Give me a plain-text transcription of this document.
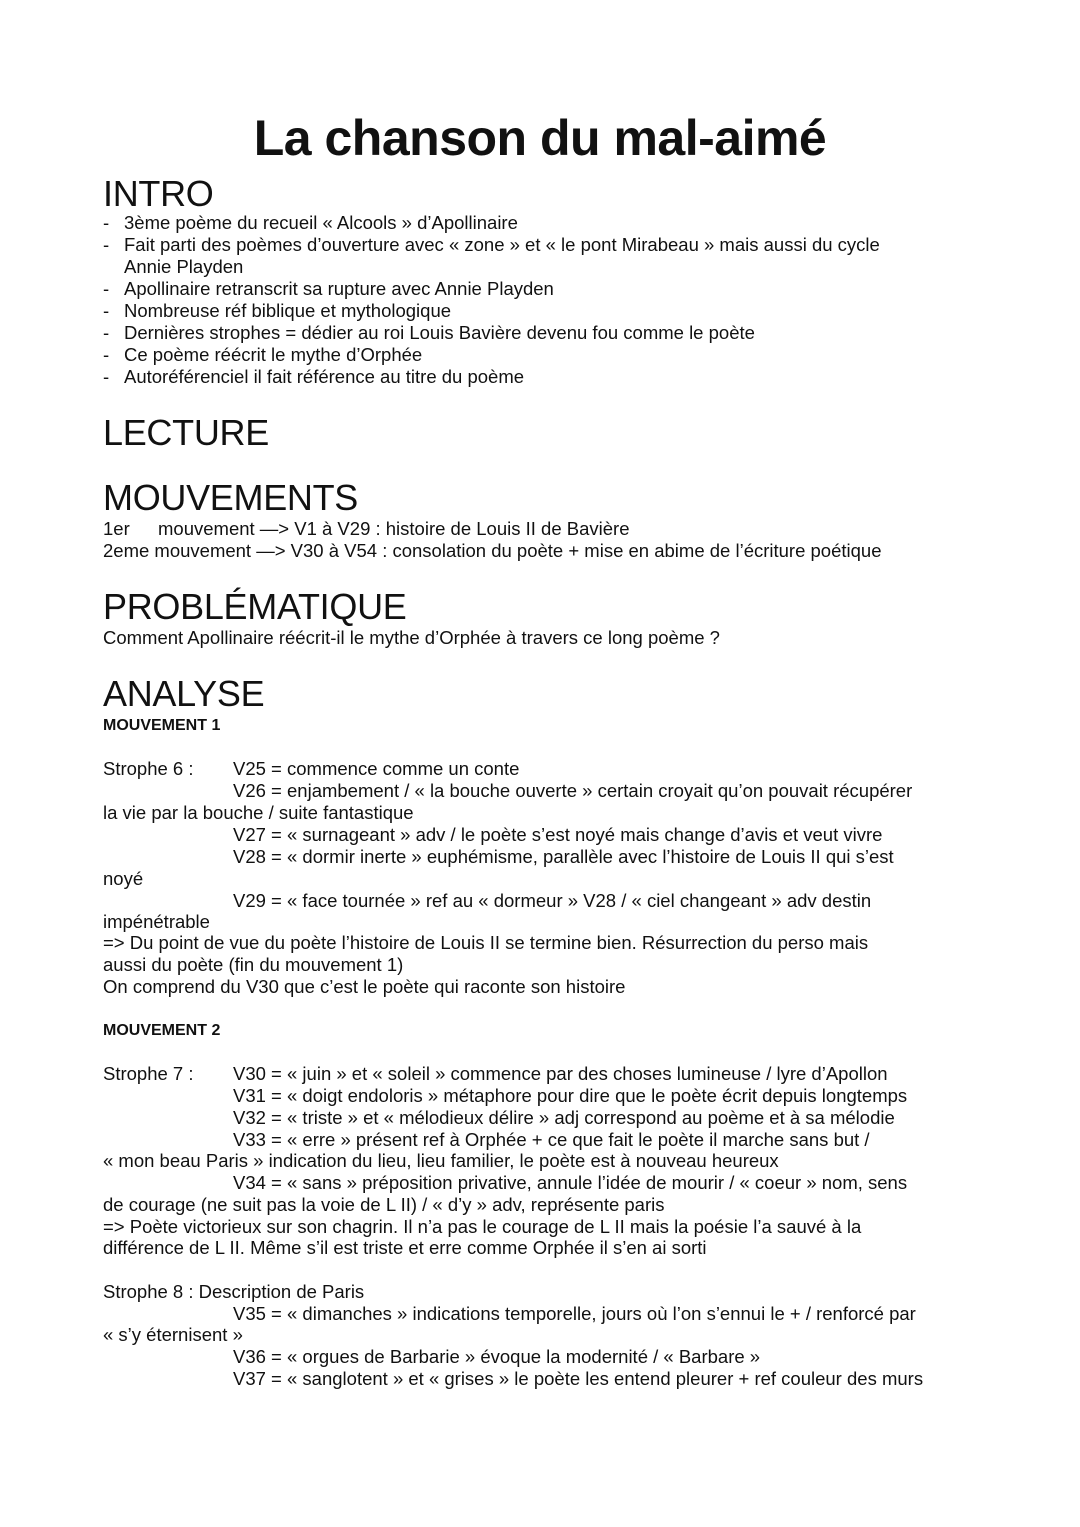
La chanson du mal-aimé
INTRO
- 3ème poème du recueil « Alcools » d’Apollinaire
- Fait parti des poèmes d’ouverture avec « zone » et « le pont Mirabeau » mais aussi du cycle
Annie Playden
- Apollinaire retranscrit sa rupture avec Annie Playden
- Nombreuse réf biblique et mythologique
- Dernières strophes = dédier au roi Louis Bavière devenu fou comme le poète
- Ce poème réécrit le mythe d’Orphée
- Autoréférenciel il fait référence au titre du poème
LECTURE
MOUVEMENTS
1er mouvement —> V1 à V29 : histoire de Louis II de Bavière
2eme mouvement —> V30 à V54 : consolation du poète + mise en abime de l’écriture poétique
PROBLÉMATIQUE
Comment Apollinaire réécrit-il le mythe d’Orphée à travers ce long poème ?
ANALYSE
MOUVEMENT 1
Strophe 6 : V25 = commence comme un conte
V26 = enjambement / « la bouche ouverte » certain croyait qu’on pouvait récupérer
la vie par la bouche / suite fantastique
V27 = « surnageant » adv / le poète s’est noyé mais change d’avis et veut vivre
V28 = « dormir inerte » euphémisme, parallèle avec l’histoire de Louis II qui s’est
noyé
V29 = « face tournée » ref au « dormeur » V28 / « ciel changeant » adv destin
impénétrable
=> Du point de vue du poète l’histoire de Louis II se termine bien. Résurrection du perso mais
aussi du poète (fin du mouvement 1)
On comprend du V30 que c’est le poète qui raconte son histoire
MOUVEMENT 2
Strophe 7 : V30 = « juin » et « soleil » commence par des choses lumineuse / lyre d’Apollon
V31 = « doigt endoloris » métaphore pour dire que le poète écrit depuis longtemps
V32 = « triste » et « mélodieux délire » adj correspond au poème et à sa mélodie
V33 = « erre » présent ref à Orphée + ce que fait le poète il marche sans but /
« mon beau Paris » indication du lieu, lieu familier, le poète est à nouveau heureux
V34 = « sans » préposition privative, annule l’idée de mourir / « coeur » nom, sens
de courage (ne suit pas la voie de L II) / « d’y » adv, représente paris
=> Poète victorieux sur son chagrin. Il n’a pas le courage de L II mais la poésie l’a sauvé à la
différence de L II. Même s’il est triste et erre comme Orphée il s’en ai sorti
Strophe 8 : Description de Paris
V35 = « dimanches » indications temporelle, jours où l’on s’ennui le + / renforcé par
« s’y éternisent »
V36 = « orgues de Barbarie » évoque la modernité / « Barbare »
V37 = « sanglotent » et « grises » le poète les entend pleurer + ref couleur des murs
